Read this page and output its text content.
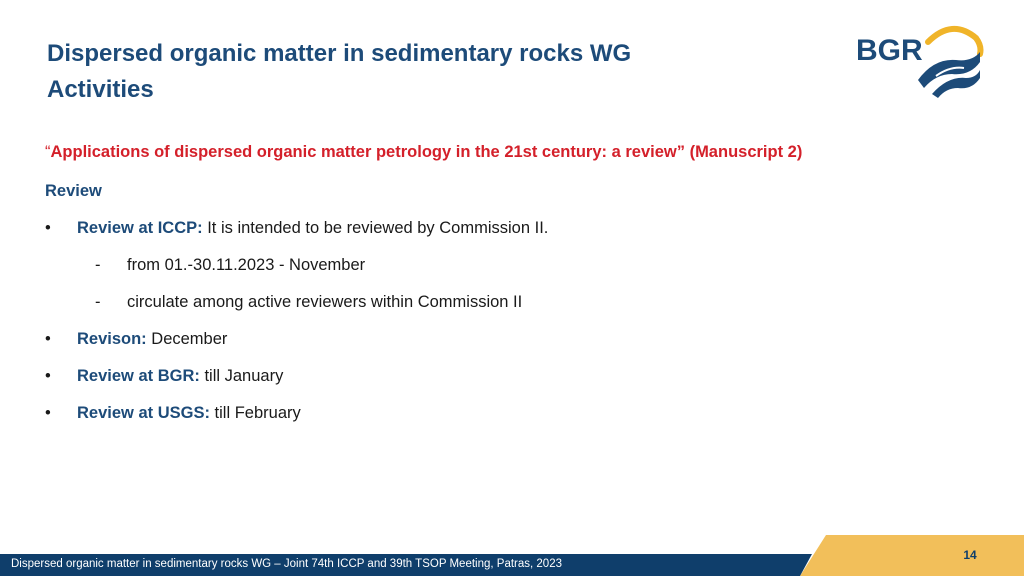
Dispersed organic matter in sedimentary rocks WG
Activities
BGR
“Applications of dispersed organic matter petrology in the 21st century: a review” (Manuscript 2)
Review
•	Review at ICCP: It is intended to be reviewed by Commission II.
- from 01.-30.11.2023 - November
- circulate among active reviewers within Commission II
•	Revison: December
•	Review at BGR: till January
•	Review at USGS: till February
Dispersed organic matter in sedimentary rocks WG – Joint 74th ICCP and 39th TSOP Meeting, Patras, 2023
14
